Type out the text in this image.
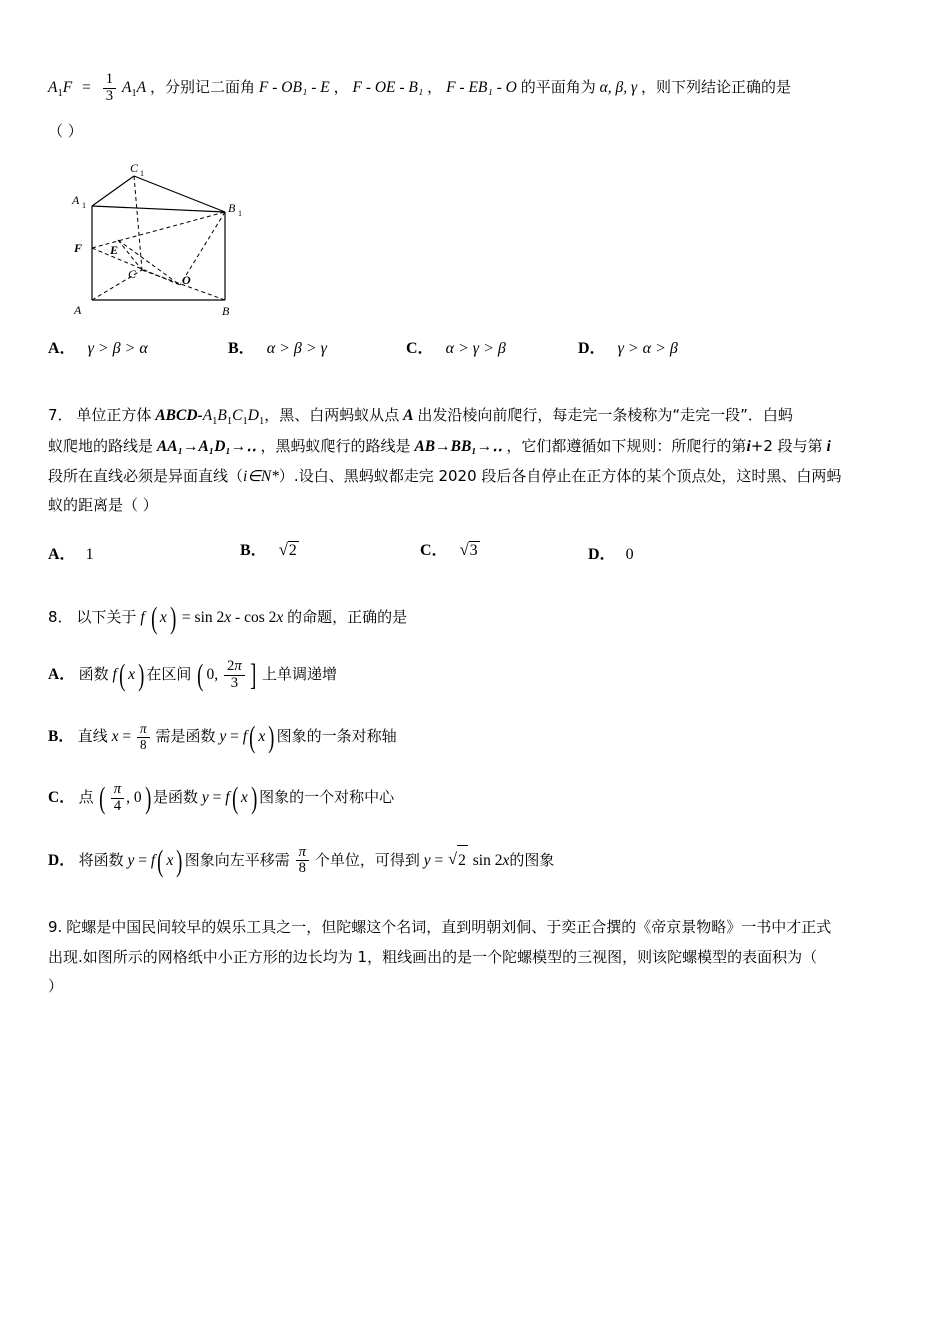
$A_1F = \frac{1}{3} A_1A$ ，分别记二面角 F - OB₁ - E ， F - OE - B₁ ， F - EB₁ - O 的平面角为 α, β, γ ，则下列结论正确的是
（ ）
C 1
A 1	B 1
F E
C	O
A	B
A． γ > β > α	B． α > β > γ	C． α > γ > β	D． γ > α > β
7． 单位正方体 ABCD-$A_1B_1C_1D_1$，黑、白两蚂蚁从点 A 出发沿棱向前爬行，每走完一条棱称为“走完一段”．白蚂
蚁爬地的路线是 AA₁→A₁D₁→‥ ，黑蚂蚁爬行的路线是 AB→BB₁→‥ ，它们都遵循如下规则：所爬行的第i+2 段与第 i
段所在直线必须是异面直线（i∈N*）.设白、黑蚂蚁都走完 2020 段后各自停止在正方体的某个顶点处，这时黑、白两蚂
蚁的距离是（ ）
A． 1	B． √ 2	C． √ 3	D． 0
8． 以下关于 f ( x ) = sin 2x - cos 2x 的命题，正确的是
A． 函数 f ( x ) 在区间 ( 0, $\frac{2\pi}{3}$ ] 上单调递增
B． 直线 $x = \frac{\pi}{8}$ 需是函数 y = f ( x ) 图象的一条对称轴
C． 点 ( $\frac{\pi}{4}$ , 0 ) 是函数 y = f ( x ) 图象的一个对称中心
D． 将函数 y = f ( x ) 图象向左平移需 $\frac{\pi}{8}$ 个单位，可得到 y = √ 2 sin 2x的图象
9. 陀螺是中国民间较早的娱乐工具之一，但陀螺这个名词，直到明朝刘侗、于奕正合撰的《帝京景物略》一书中才正式
出现.如图所示的网格纸中小正方形的边长均为 1，粗线画出的是一个陀螺模型的三视图，则该陀螺模型的表面积为（
）
